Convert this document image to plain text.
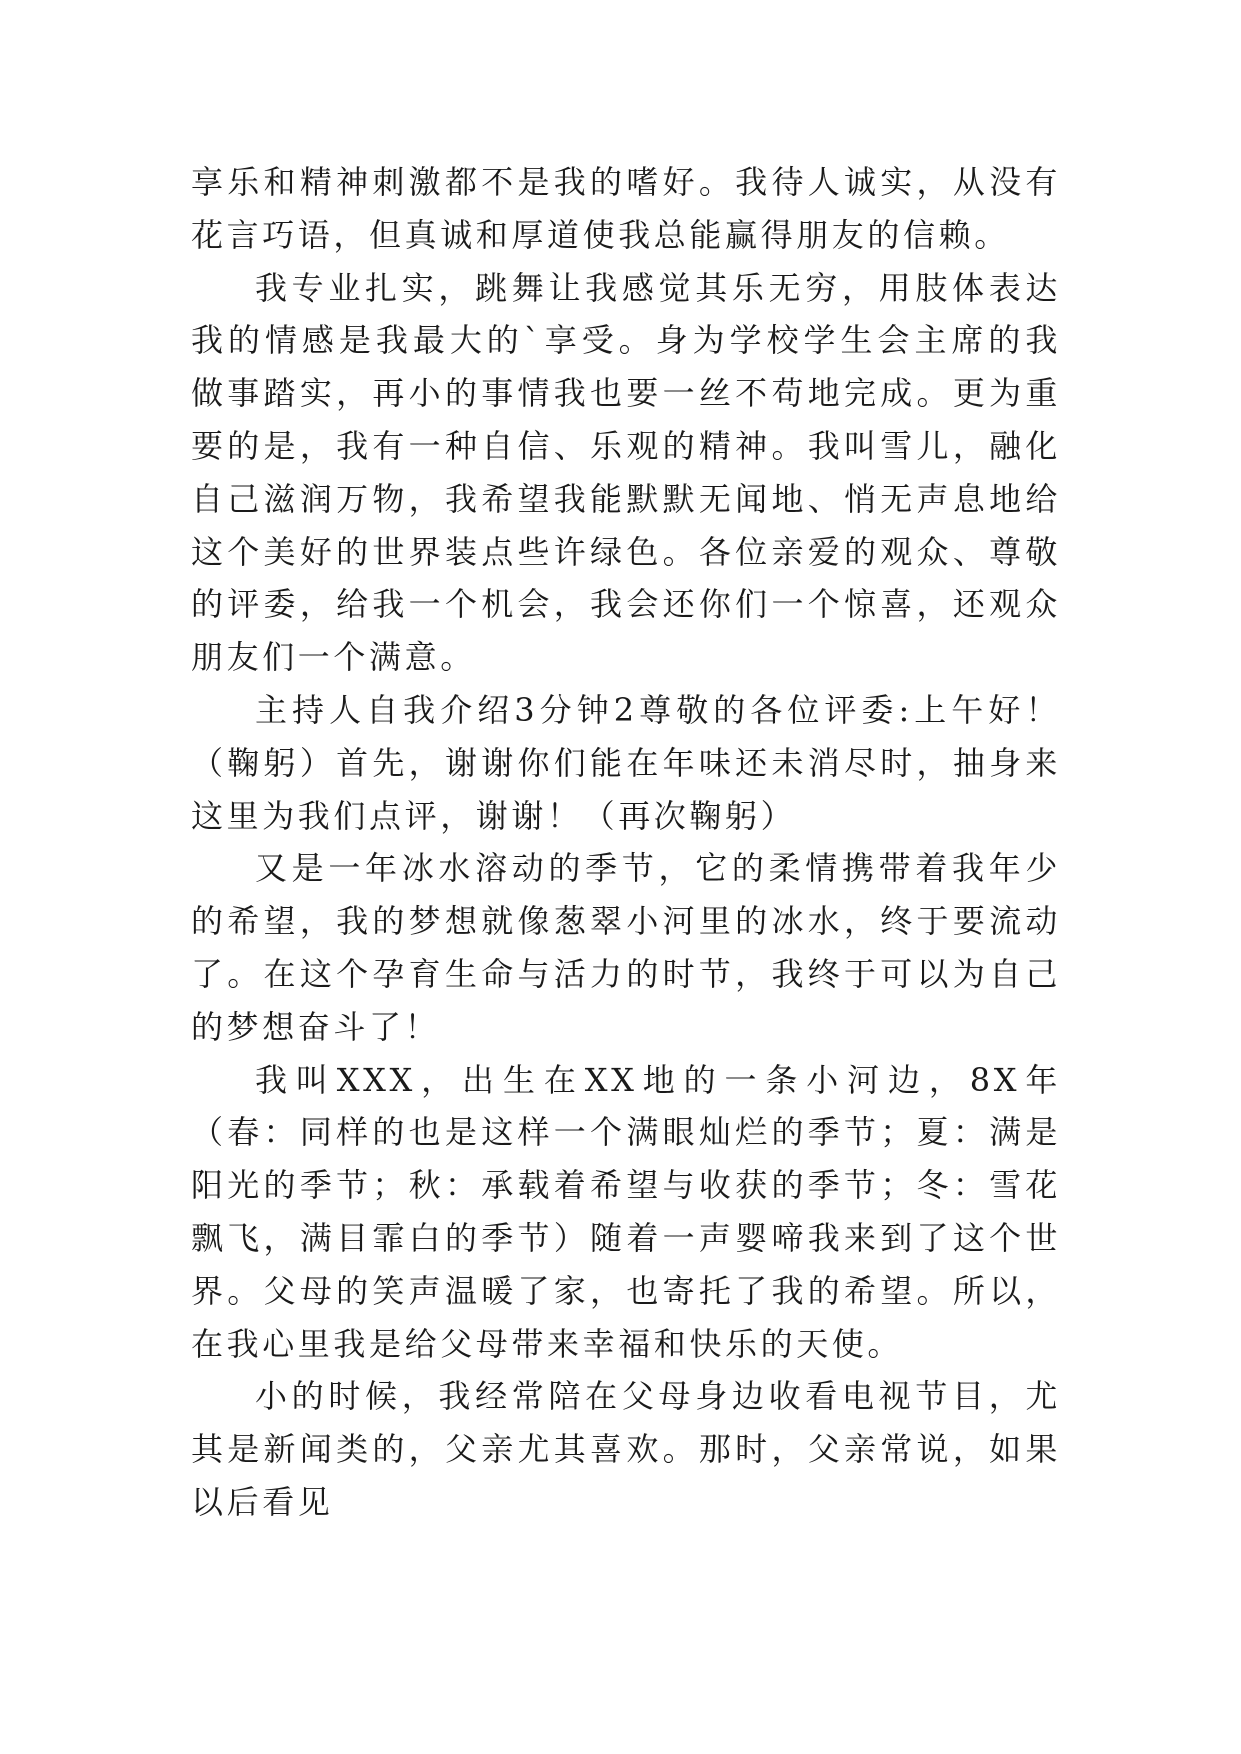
享乐和精神刺激都不是我的嗜好。我待人诚实，从没有花言巧语，但真诚和厚道使我总能赢得朋友的信赖。

我专业扎实，跳舞让我感觉其乐无穷，用肢体表达我的情感是我最大的`享受。身为学校学生会主席的我做事踏实，再小的事情我也要一丝不苟地完成。更为重要的是，我有一种自信、乐观的精神。我叫雪儿，融化自己滋润万物，我希望我能默默无闻地、悄无声息地给这个美好的世界装点些许绿色。各位亲爱的观众、尊敬的评委，给我一个机会，我会还你们一个惊喜，还观众朋友们一个满意。

主持人自我介绍3分钟2尊敬的各位评委:上午好！（鞠躬）首先，谢谢你们能在年味还未消尽时，抽身来这里为我们点评，谢谢！（再次鞠躬）

又是一年冰水溶动的季节，它的柔情携带着我年少的希望，我的梦想就像葱翠小河里的冰水，终于要流动了。在这个孕育生命与活力的时节，我终于可以为自己的梦想奋斗了！

我叫XXX，出生在XX地的一条小河边，8X年（春：同样的也是这样一个满眼灿烂的季节；夏：满是阳光的季节；秋：承载着希望与收获的季节；冬：雪花飘飞，满目霏白的季节）随着一声婴啼我来到了这个世界。父母的笑声温暖了家，也寄托了我的希望。所以，在我心里我是给父母带来幸福和快乐的天使。

小的时候，我经常陪在父母身边收看电视节目，尤其是新闻类的，父亲尤其喜欢。那时，父亲常说，如果以后看见
